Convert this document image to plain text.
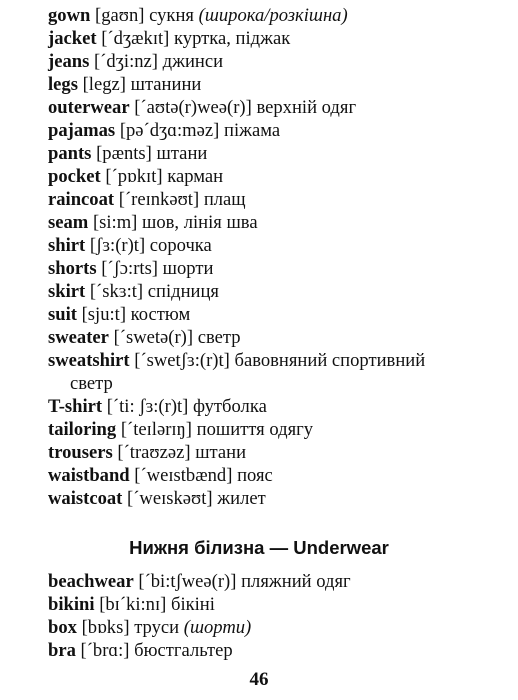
gown [gaʊn] сукня (широка/розкішна)
jacket [´dʒækɪt] куртка, піджак
jeans [´dʒi:nz] джинси
legs [legz] штанини
outerwear [´aʊtə(r)weə(r)] верхній одяг
pajamas [pə´dʒɑ:məz] піжама
pants [pænts] штани
pocket [´pɒkɪt] карман
raincoat [´reɪnkəʊt] плащ
seam [si:m] шов, лінія шва
shirt [ʃɜ:(r)t] сорочка
shorts [´ʃɔ:rts] шорти
skirt [´skɜ:t] спідниця
suit [sju:t] костюм
sweater [´swetə(r)] светр
sweatshirt [´swetʃɜ:(r)t] бавовняний спортивний
светр
T-shirt [´ti: ʃɜ:(r)t] футболка
tailoring [´teɪlərɪŋ] пошиття одягу
trousers [´traʊzəz] штани
waistband [´weɪstbænd] пояс
waistcoat [´weɪskəʊt] жилет
Нижня білизна — Underwear
beachwear [´bi:tʃweə(r)] пляжний одяг
bikini [bɪ´ki:nɪ] бікіні
box [bɒks] труси (шорти)
bra [´brɑ:] бюстгальтер
46
